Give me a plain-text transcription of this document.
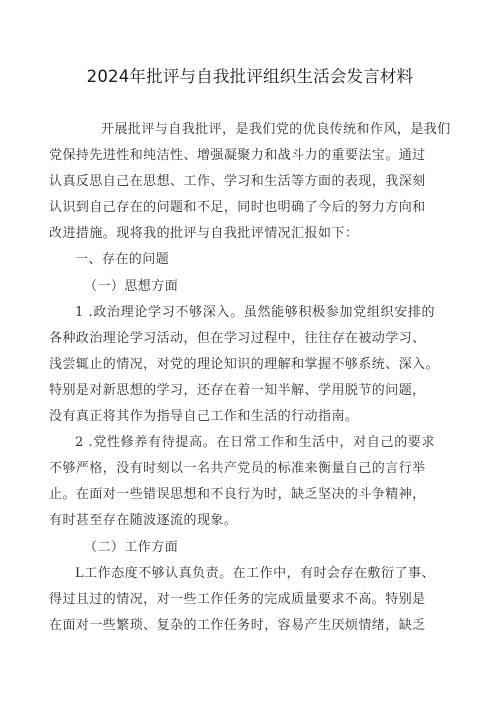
2024年批评与自我批评组织生活会发言材料
开展批评与自我批评，是我们党的优良传统和作风，是我们
党保持先进性和纯洁性、增强凝聚力和战斗力的重要法宝。通过
认真反思自己在思想、工作、学习和生活等方面的表现，我深刻
认识到自己存在的问题和不足，同时也明确了今后的努力方向和
改进措施。现将我的批评与自我批评情况汇报如下：
一、存在的问题
（一）思想方面
1 .政治理论学习不够深入。虽然能够积极参加党组织安排的
各种政治理论学习活动，但在学习过程中，往往存在被动学习、
浅尝辄止的情况，对党的理论知识的理解和掌握不够系统、深入。
特别是对新思想的学习，还存在着一知半解、学用脱节的问题，
没有真正将其作为指导自己工作和生活的行动指南。
2 .党性修养有待提高。在日常工作和生活中，对自己的要求
不够严格，没有时刻以一名共产党员的标准来衡量自己的言行举
止。在面对一些错误思想和不良行为时，缺乏坚决的斗争精神，
有时甚至存在随波逐流的现象。
（二）工作方面
L工作态度不够认真负责。在工作中，有时会存在敷衍了事、
得过且过的情况，对一些工作任务的完成质量要求不高。特别是
在面对一些繁琐、复杂的工作任务时，容易产生厌烦情绪，缺乏
